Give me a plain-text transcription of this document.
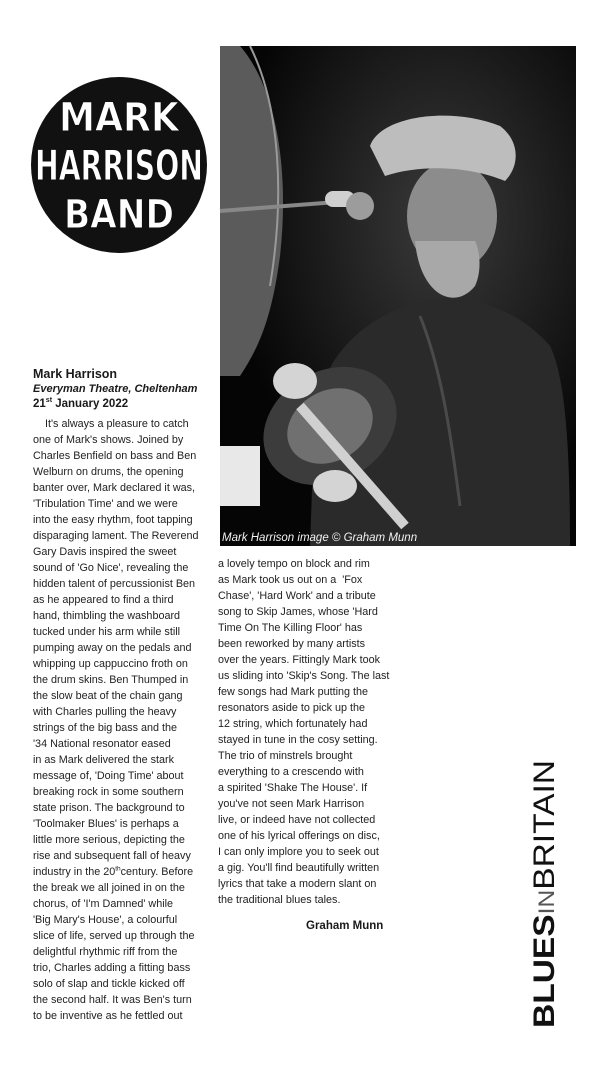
MARK
HARRISON
BAND
Mark Harrison image © Graham Munn
Mark Harrison
Everyman Theatre, Cheltenham
21st January 2022
It's always a pleasure to catch
one of Mark's shows. Joined by
Charles Benfield on bass and Ben
Welburn on drums, the opening
banter over, Mark declared it was,
'Tribulation Time' and we were
into the easy rhythm, foot tapping
disparaging lament. The Reverend
Gary Davis inspired the sweet
sound of 'Go Nice', revealing the
hidden talent of percussionist Ben
as he appeared to find a third
hand, thimbling the washboard
tucked under his arm while still
pumping away on the pedals and
whipping up cappuccino froth on
the drum skins. Ben Thumped in
the slow beat of the chain gang
with Charles pulling the heavy
strings of the big bass and the
'34 National resonator eased
in as Mark delivered the stark
message of, 'Doing Time' about
breaking rock in some southern
state prison. The background to
'Toolmaker Blues' is perhaps a
little more serious, depicting the
rise and subsequent fall of heavy
industry in the 20thcentury. Before
the break we all joined in on the
chorus, of 'I'm Damned' while
'Big Mary's House', a colourful
slice of life, served up through the
delightful rhythmic riff from the
trio, Charles adding a fitting bass
solo of slap and tickle kicked off
the second half. It was Ben's turn
to be inventive as he fettled out
a lovely tempo on block and rim
as Mark took us out on a  'Fox
Chase', 'Hard Work' and a tribute
song to Skip James, whose 'Hard
Time On The Killing Floor' has
been reworked by many artists
over the years. Fittingly Mark took
us sliding into 'Skip's Song. The last
few songs had Mark putting the
resonators aside to pick up the
12 string, which fortunately had
stayed in tune in the cosy setting.
The trio of minstrels brought
everything to a crescendo with
a spirited 'Shake The House'. If
you've not seen Mark Harrison
live, or indeed have not collected
one of his lyrical offerings on disc,
I can only implore you to seek out
a gig. You'll find beautifully written
lyrics that take a modern slant on
the traditional blues tales.
Graham Munn
BLUESINBRITAIN
